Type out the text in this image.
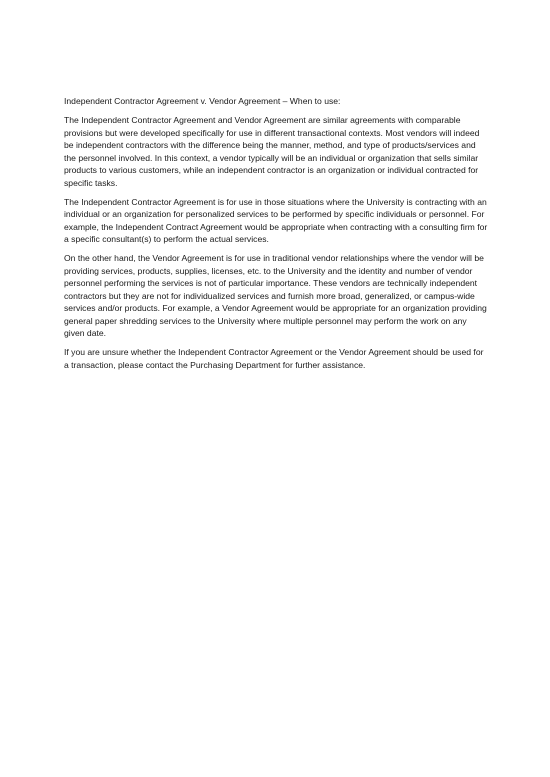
Independent Contractor Agreement v. Vendor Agreement – When to use:

The Independent Contractor Agreement and Vendor Agreement are similar agreements with comparable provisions but were developed specifically for use in different transactional contexts. Most vendors will indeed be independent contractors with the difference being the manner, method, and type of products/services and the personnel involved. In this context, a vendor typically will be an individual or organization that sells similar products to various customers, while an independent contractor is an organization or individual contracted for specific tasks.

The Independent Contractor Agreement is for use in those situations where the University is contracting with an individual or an organization for personalized services to be performed by specific individuals or personnel. For example, the Independent Contract Agreement would be appropriate when contracting with a consulting firm for a specific consultant(s) to perform the actual services.

On the other hand, the Vendor Agreement is for use in traditional vendor relationships where the vendor will be providing services, products, supplies, licenses, etc. to the University and the identity and number of vendor personnel performing the services is not of particular importance. These vendors are technically independent contractors but they are not for individualized services and furnish more broad, generalized, or campus-wide services and/or products. For example, a Vendor Agreement would be appropriate for an organization providing general paper shredding services to the University where multiple personnel may perform the work on any given date.

If you are unsure whether the Independent Contractor Agreement or the Vendor Agreement should be used for a transaction, please contact the Purchasing Department for further assistance.
